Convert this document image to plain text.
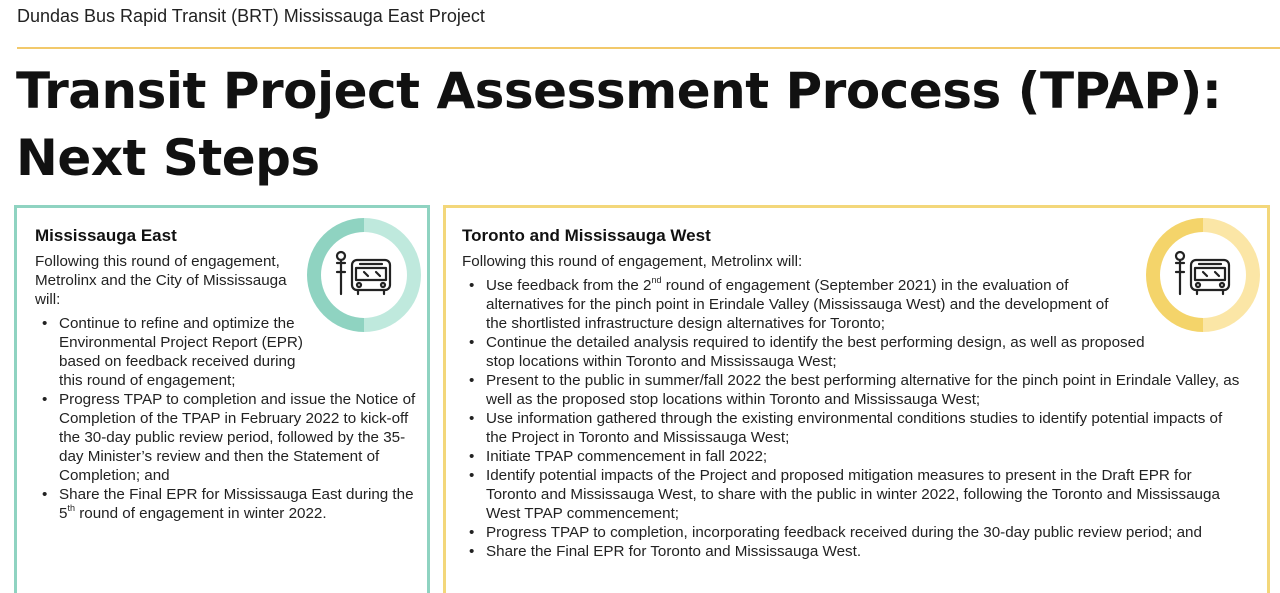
Dundas Bus Rapid Transit (BRT) Mississauga East Project
Transit Project Assessment Process (TPAP):
Next Steps
Mississauga East

Following this round of engagement, Metrolinx and the City of Mississauga will:

• Continue to refine and optimize the Environmental Project Report (EPR) based on feedback received during this round of engagement;
• Progress TPAP to completion and issue the Notice of Completion of the TPAP in February 2022 to kick-off the 30-day public review period, followed by the 35-day Minister’s review and then the Statement of Completion; and
• Share the Final EPR for Mississauga East during the 5th round of engagement in winter 2022.
Toronto and Mississauga West

Following this round of engagement, Metrolinx will:

• Use feedback from the 2nd round of engagement (September 2021) in the evaluation of alternatives for the pinch point in Erindale Valley (Mississauga West) and the development of the shortlisted infrastructure design alternatives for Toronto;
• Continue the detailed analysis required to identify the best performing design, as well as proposed stop locations within Toronto and Mississauga West;
• Present to the public in summer/fall 2022 the best performing alternative for the pinch point in Erindale Valley, as well as the proposed stop locations within Toronto and Mississauga West;
• Use information gathered through the existing environmental conditions studies to identify potential impacts of the Project in Toronto and Mississauga West;
• Initiate TPAP commencement in fall 2022;
• Identify potential impacts of the Project and proposed mitigation measures to present in the Draft EPR for Toronto and Mississauga West, to share with the public in winter 2022, following the Toronto and Mississauga West TPAP commencement;
• Progress TPAP to completion, incorporating feedback received during the 30-day public review period; and
• Share the Final EPR for Toronto and Mississauga West.
